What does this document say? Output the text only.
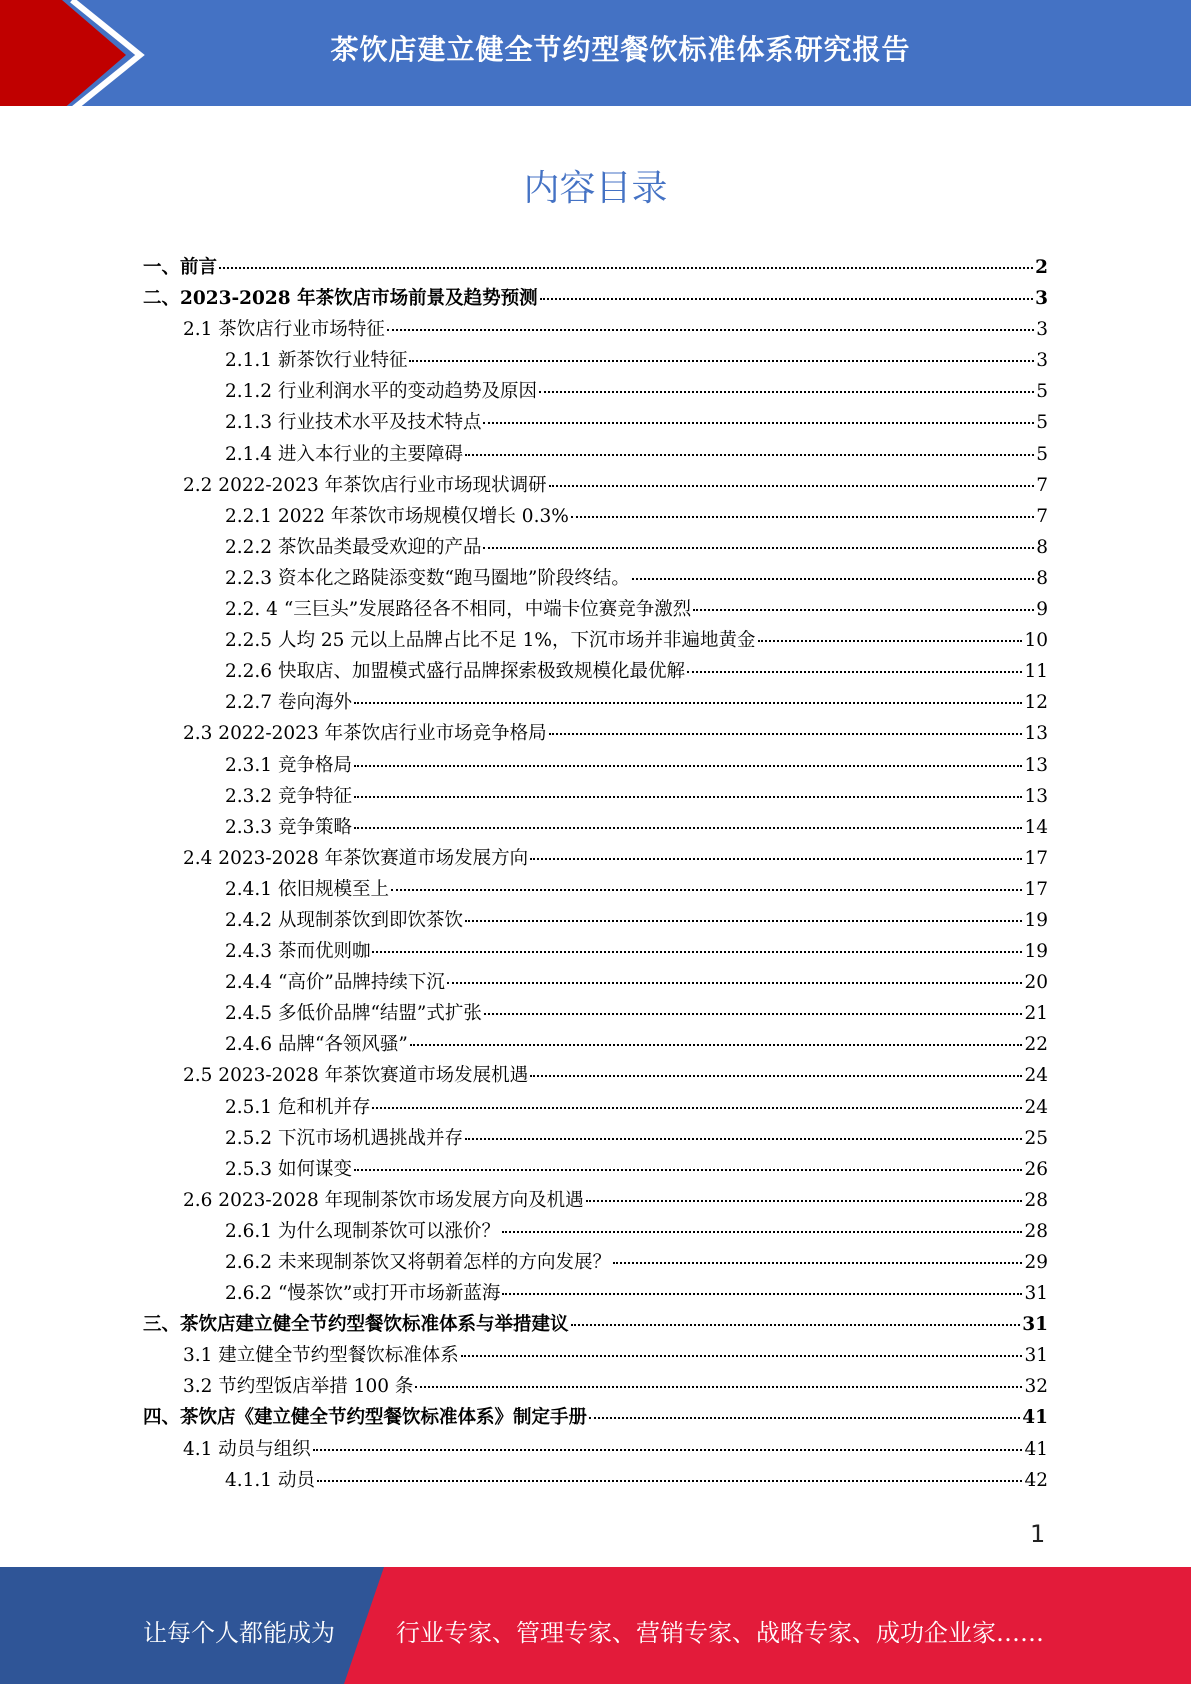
茶饮店建立健全节约型餐饮标准体系研究报告
内容目录
一、前言	2
二、2023-2028 年茶饮店市场前景及趋势预测	3
2.1 茶饮店行业市场特征	3
2.1.1 新茶饮行业特征	3
2.1.2 行业利润水平的变动趋势及原因	5
2.1.3 行业技术水平及技术特点	5
2.1.4 进入本行业的主要障碍	5
2.2 2022-2023 年茶饮店行业市场现状调研	7
2.2.1 2022 年茶饮市场规模仅增长 0.3%	7
2.2.2 茶饮品类最受欢迎的产品	8
2.2.3 资本化之路陡添变数“跑马圈地”阶段终结。	8
2.2. 4 “三巨头”发展路径各不相同，中端卡位赛竞争激烈	9
2.2.5 人均 25 元以上品牌占比不足 1%，下沉市场并非遍地黄金	10
2.2.6 快取店、加盟模式盛行品牌探索极致规模化最优解	11
2.2.7 卷向海外	12
2.3 2022-2023 年茶饮店行业市场竞争格局	13
2.3.1 竞争格局	13
2.3.2 竞争特征	13
2.3.3 竞争策略	14
2.4 2023-2028 年茶饮赛道市场发展方向	17
2.4.1 依旧规模至上	17
2.4.2 从现制茶饮到即饮茶饮	19
2.4.3 茶而优则咖	19
2.4.4 “高价”品牌持续下沉	20
2.4.5 多低价品牌“结盟”式扩张	21
2.4.6 品牌“各领风骚”	22
2.5 2023-2028 年茶饮赛道市场发展机遇	24
2.5.1 危和机并存	24
2.5.2 下沉市场机遇挑战并存	25
2.5.3 如何谋变	26
2.6 2023-2028 年现制茶饮市场发展方向及机遇	28
2.6.1 为什么现制茶饮可以涨价？	28
2.6.2 未来现制茶饮又将朝着怎样的方向发展？	29
2.6.2 “慢茶饮”或打开市场新蓝海	31
三、茶饮店建立健全节约型餐饮标准体系与举措建议	31
3.1 建立健全节约型餐饮标准体系	31
3.2 节约型饭店举措 100 条	32
四、茶饮店《建立健全节约型餐饮标准体系》制定手册	41
4.1 动员与组织	41
4.1.1 动员	42
1
让每个人都能成为	行业专家、管理专家、营销专家、战略专家、成功企业家……
